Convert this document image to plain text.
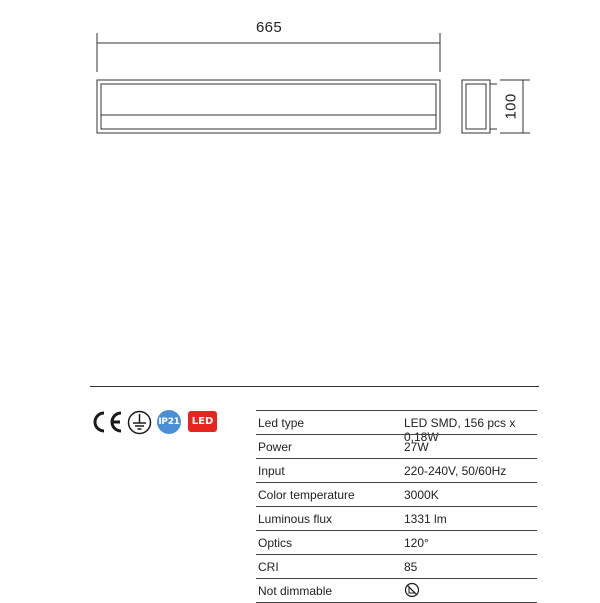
665
100
IP21	LED	Led type	LED SMD, 156 pcs x 0,18W
Power	27W
Input	220-240V, 50/60Hz
Color temperature	3000K
Luminous flux	1331 lm
Optics	120°
CRI	85
Not dimmable
